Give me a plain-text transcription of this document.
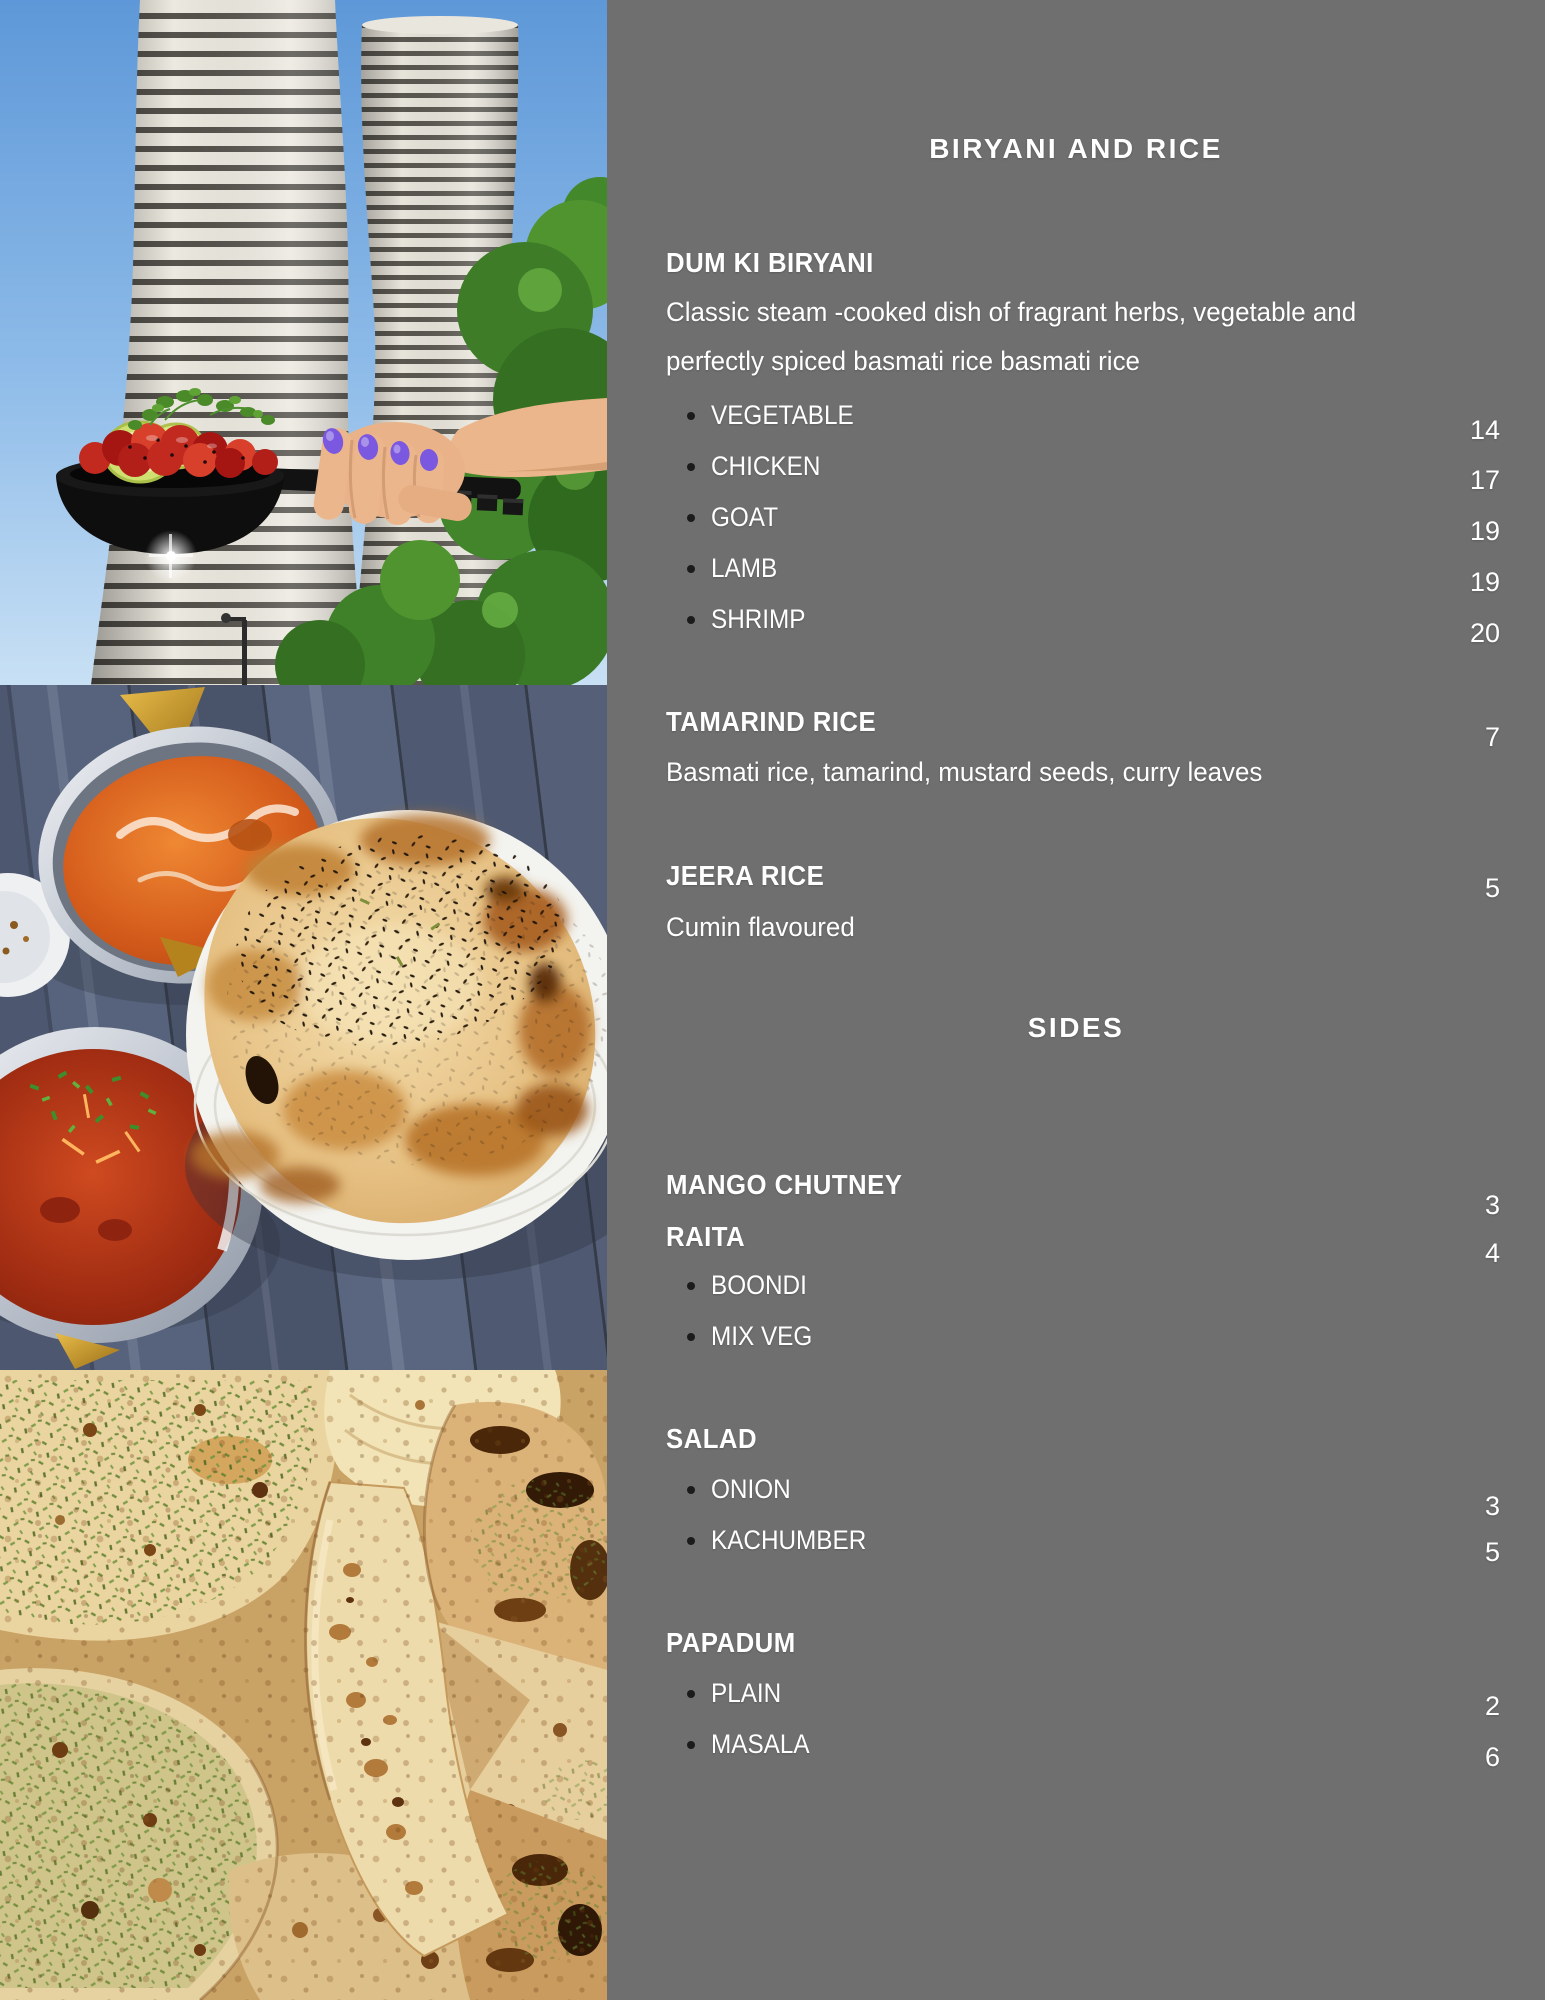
BIRYANI AND RICE
DUM KI BIRYANI
Classic steam -cooked dish of fragrant herbs, vegetable and
perfectly spiced basmati rice basmati rice
VEGETABLE
CHICKEN
GOAT
LAMB
SHRIMP
14
17
19
19
20
TAMARIND RICE	7
Basmati rice, tamarind, mustard seeds, curry leaves
JEERA RICE	5
Cumin flavoured
SIDES
MANGO CHUTNEY
3
RAITA
4
BOONDI
MIX VEG
SALAD
ONION
KACHUMBER
3
5
PAPADUM
PLAIN
MASALA
2
6
